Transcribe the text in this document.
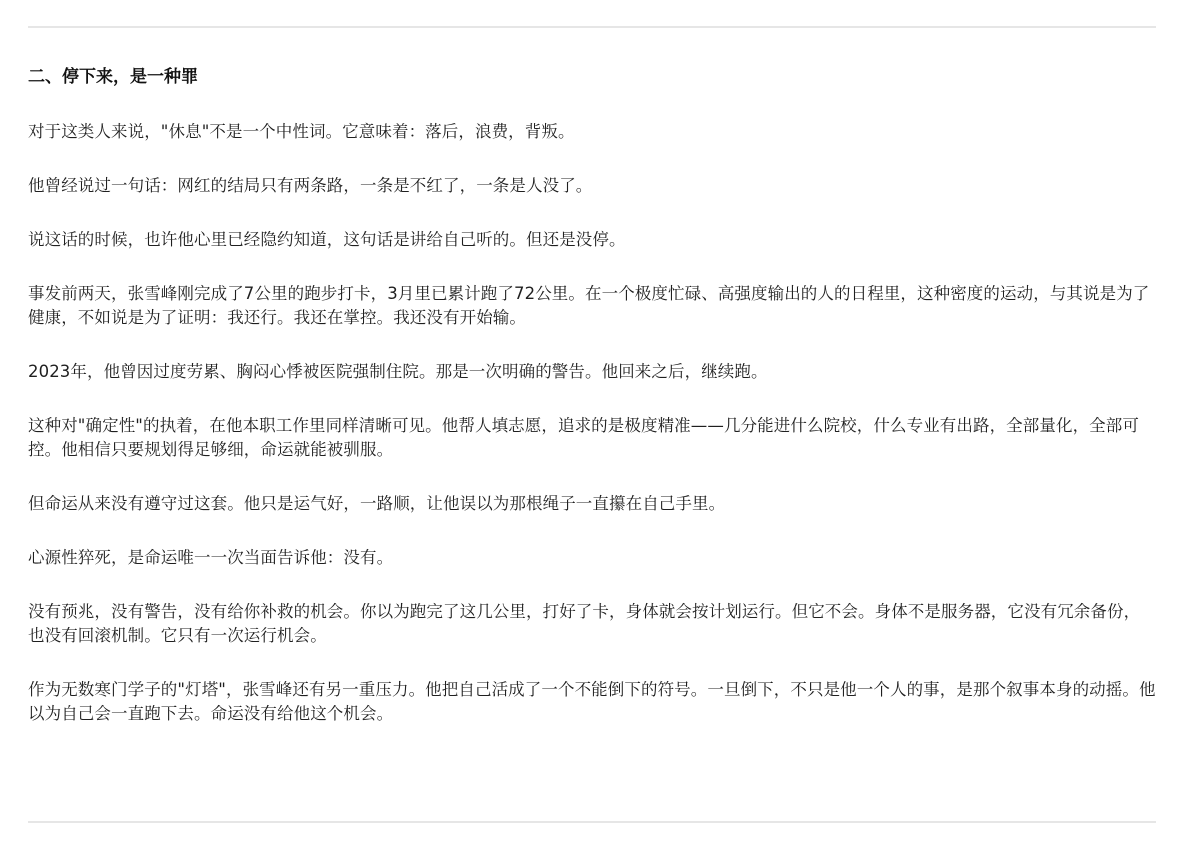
二、停下来，是一种罪

对于这类人来说，"休息"不是一个中性词。它意味着：落后，浪费，背叛。

他曾经说过一句话：网红的结局只有两条路，一条是不红了，一条是人没了。

说这话的时候，也许他心里已经隐约知道，这句话是讲给自己听的。但还是没停。

事发前两天，张雪峰刚完成了7公里的跑步打卡，3月里已累计跑了72公里。在一个极度忙碌、高强度输出的人的日程里，这种密度的运动，与其说是为了健康，不如说是为了证明：我还行。我还在掌控。我还没有开始输。

2023年，他曾因过度劳累、胸闷心悸被医院强制住院。那是一次明确的警告。他回来之后，继续跑。

这种对"确定性"的执着，在他本职工作里同样清晰可见。他帮人填志愿，追求的是极度精准——几分能进什么院校，什么专业有出路，全部量化，全部可控。他相信只要规划得足够细，命运就能被驯服。

但命运从来没有遵守过这套。他只是运气好，一路顺，让他误以为那根绳子一直攥在自己手里。

心源性猝死，是命运唯一一次当面告诉他：没有。

没有预兆，没有警告，没有给你补救的机会。你以为跑完了这几公里，打好了卡，身体就会按计划运行。但它不会。身体不是服务器，它没有冗余备份，也没有回滚机制。它只有一次运行机会。

作为无数寒门学子的"灯塔"，张雪峰还有另一重压力。他把自己活成了一个不能倒下的符号。一旦倒下，不只是他一个人的事，是那个叙事本身的动摇。他以为自己会一直跑下去。命运没有给他这个机会。
